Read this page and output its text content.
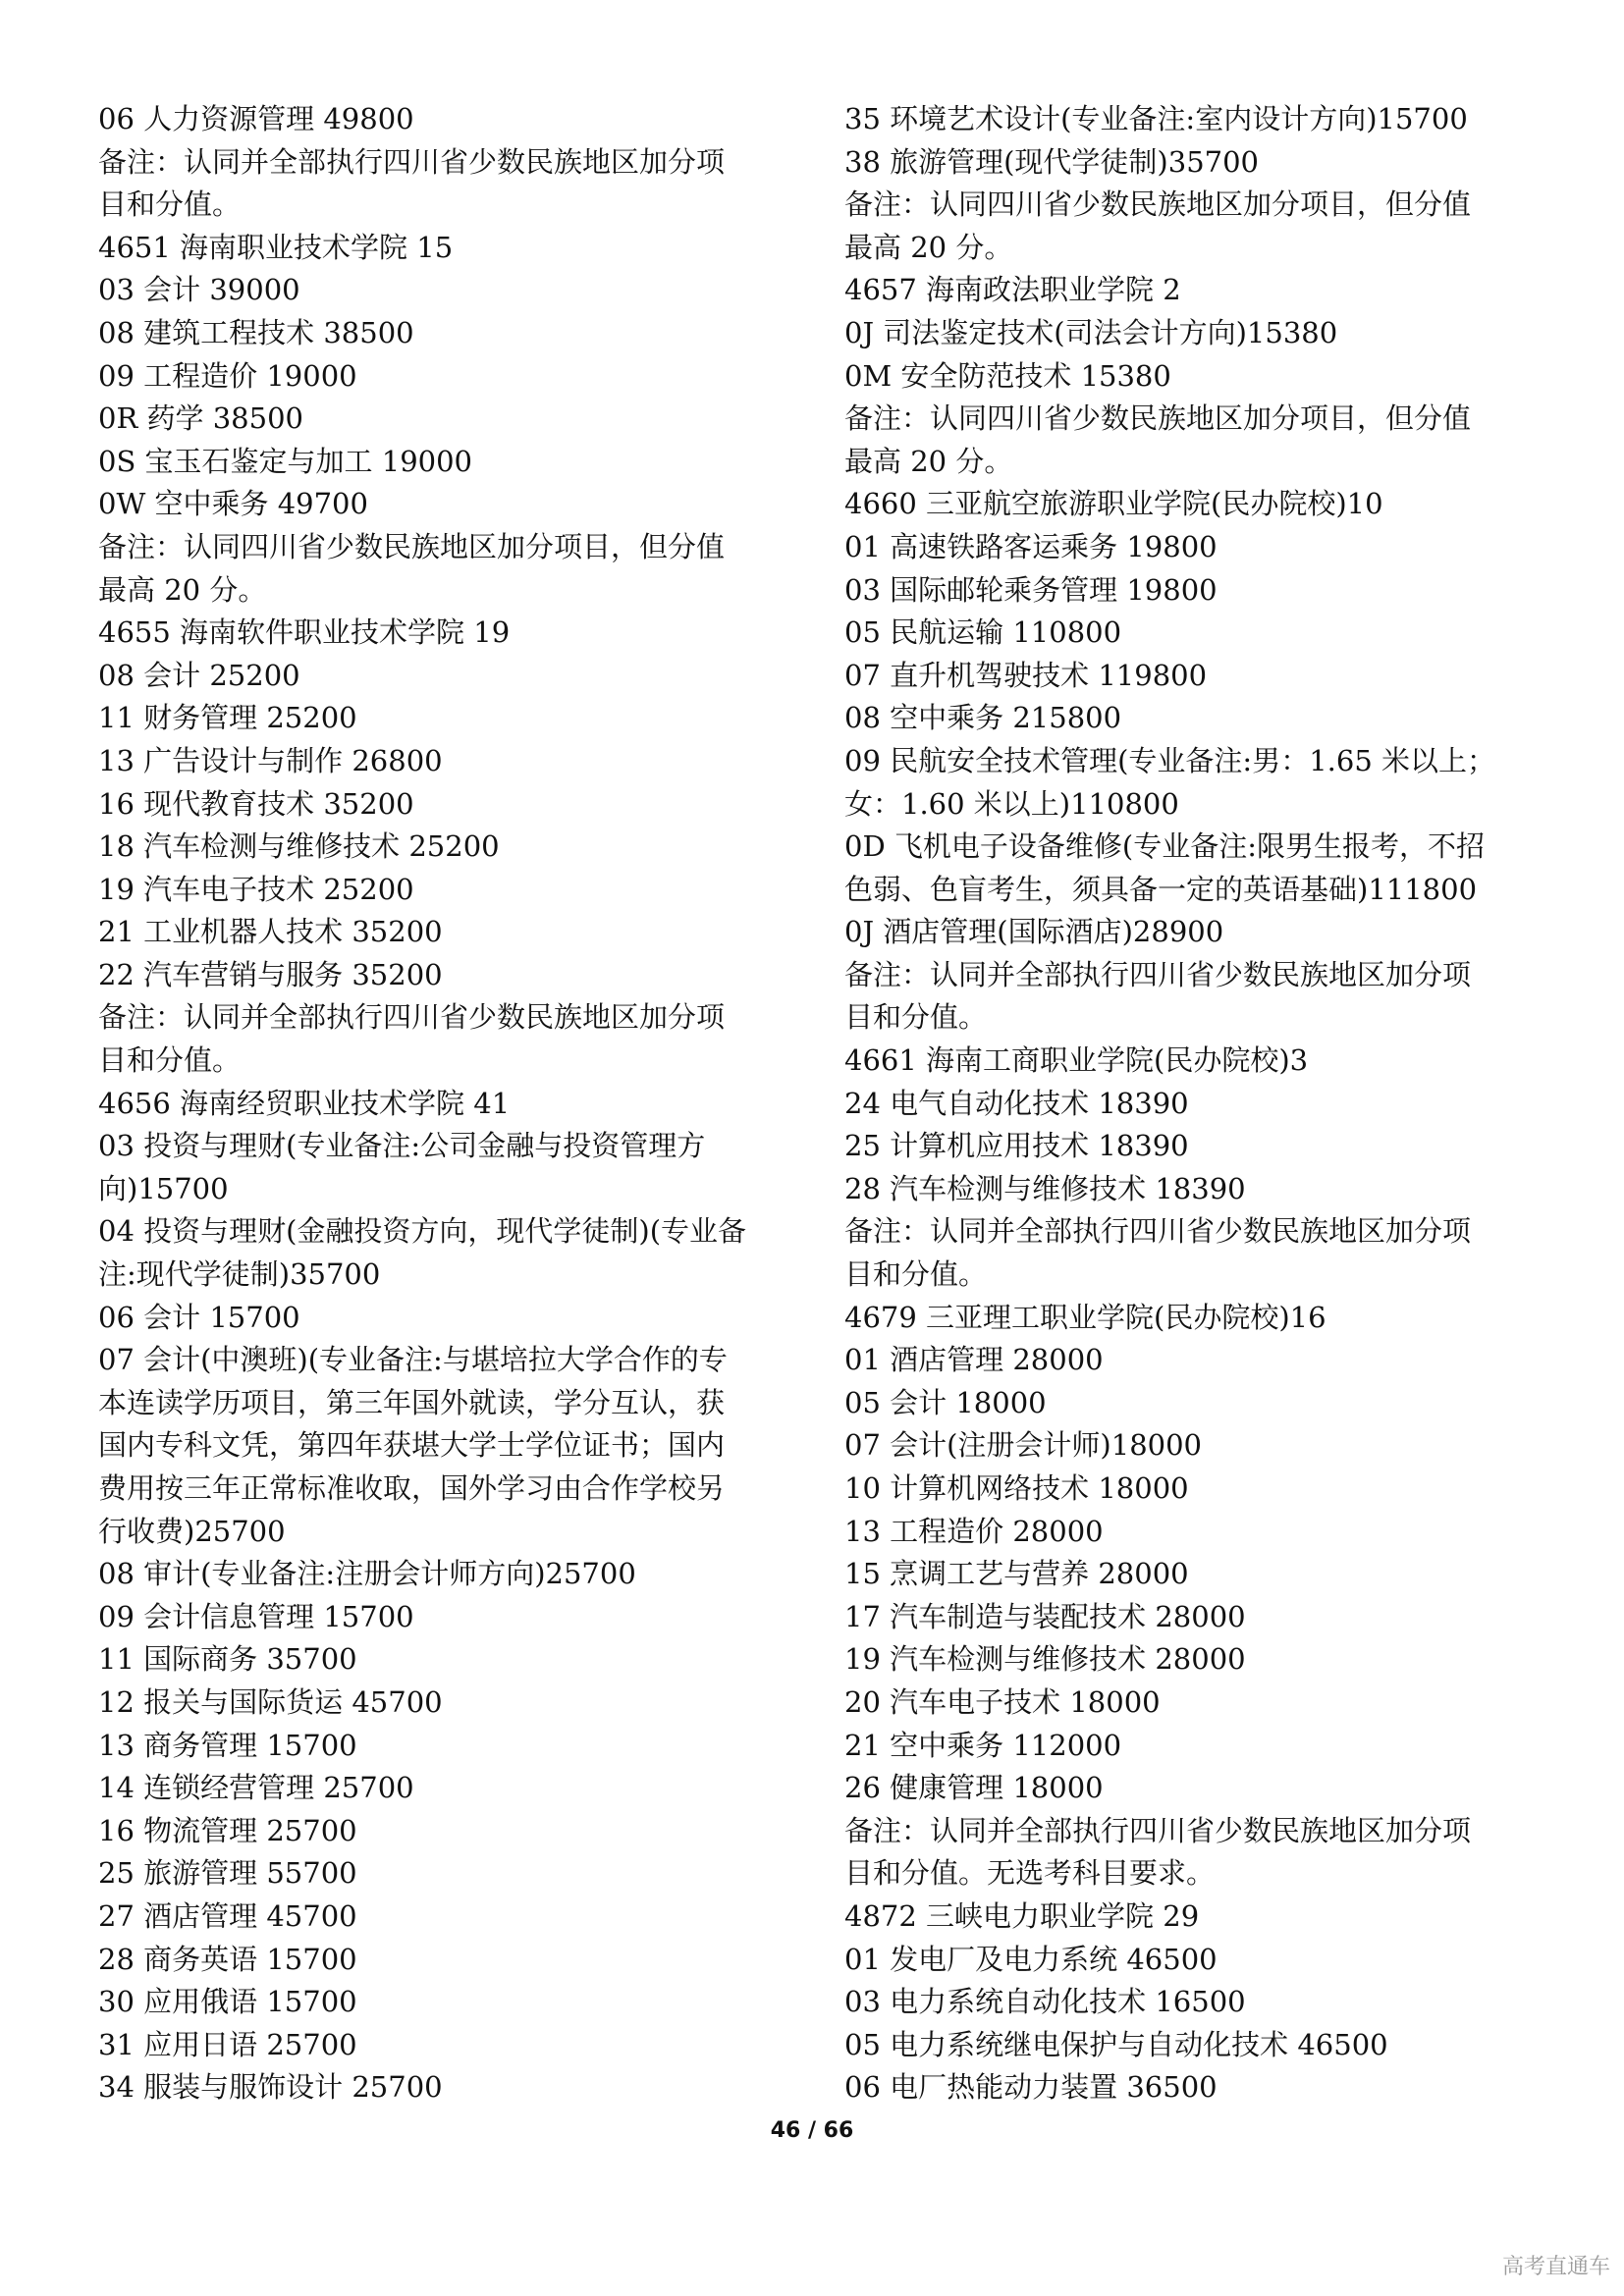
06 人力资源管理 49800
备注：认同并全部执行四川省少数民族地区加分项
目和分值。
4651 海南职业技术学院 15
03 会计 39000
08 建筑工程技术 38500
09 工程造价 19000
0R 药学 38500
0S 宝玉石鉴定与加工 19000
0W 空中乘务 49700
备注：认同四川省少数民族地区加分项目，但分值
最高 20 分。
4655 海南软件职业技术学院 19
08 会计 25200
11 财务管理 25200
13 广告设计与制作 26800
16 现代教育技术 35200
18 汽车检测与维修技术 25200
19 汽车电子技术 25200
21 工业机器人技术 35200
22 汽车营销与服务 35200
备注：认同并全部执行四川省少数民族地区加分项
目和分值。
4656 海南经贸职业技术学院 41
03 投资与理财(专业备注:公司金融与投资管理方
向)15700
04 投资与理财(金融投资方向，现代学徒制)(专业备
注:现代学徒制)35700
06 会计 15700
07 会计(中澳班)(专业备注:与堪培拉大学合作的专
本连读学历项目，第三年国外就读，学分互认，获
国内专科文凭，第四年获堪大学士学位证书；国内
费用按三年正常标准收取，国外学习由合作学校另
行收费)25700
08 审计(专业备注:注册会计师方向)25700
09 会计信息管理 15700
11 国际商务 35700
12 报关与国际货运 45700
13 商务管理 15700
14 连锁经营管理 25700
16 物流管理 25700
25 旅游管理 55700
27 酒店管理 45700
28 商务英语 15700
30 应用俄语 15700
31 应用日语 25700
34 服装与服饰设计 25700
35 环境艺术设计(专业备注:室内设计方向)15700
38 旅游管理(现代学徒制)35700
备注：认同四川省少数民族地区加分项目，但分值
最高 20 分。
4657 海南政法职业学院 2
0J 司法鉴定技术(司法会计方向)15380
0M 安全防范技术 15380
备注：认同四川省少数民族地区加分项目，但分值
最高 20 分。
4660 三亚航空旅游职业学院(民办院校)10
01 高速铁路客运乘务 19800
03 国际邮轮乘务管理 19800
05 民航运输 110800
07 直升机驾驶技术 119800
08 空中乘务 215800
09 民航安全技术管理(专业备注:男：1.65 米以上；
女：1.60 米以上)110800
0D 飞机电子设备维修(专业备注:限男生报考，不招
色弱、色盲考生，须具备一定的英语基础)111800
0J 酒店管理(国际酒店)28900
备注：认同并全部执行四川省少数民族地区加分项
目和分值。
4661 海南工商职业学院(民办院校)3
24 电气自动化技术 18390
25 计算机应用技术 18390
28 汽车检测与维修技术 18390
备注：认同并全部执行四川省少数民族地区加分项
目和分值。
4679 三亚理工职业学院(民办院校)16
01 酒店管理 28000
05 会计 18000
07 会计(注册会计师)18000
10 计算机网络技术 18000
13 工程造价 28000
15 烹调工艺与营养 28000
17 汽车制造与装配技术 28000
19 汽车检测与维修技术 28000
20 汽车电子技术 18000
21 空中乘务 112000
26 健康管理 18000
备注：认同并全部执行四川省少数民族地区加分项
目和分值。无选考科目要求。
4872 三峡电力职业学院 29
01 发电厂及电力系统 46500
03 电力系统自动化技术 16500
05 电力系统继电保护与自动化技术 46500
06 电厂热能动力装置 36500
46 / 66
高考直通车
